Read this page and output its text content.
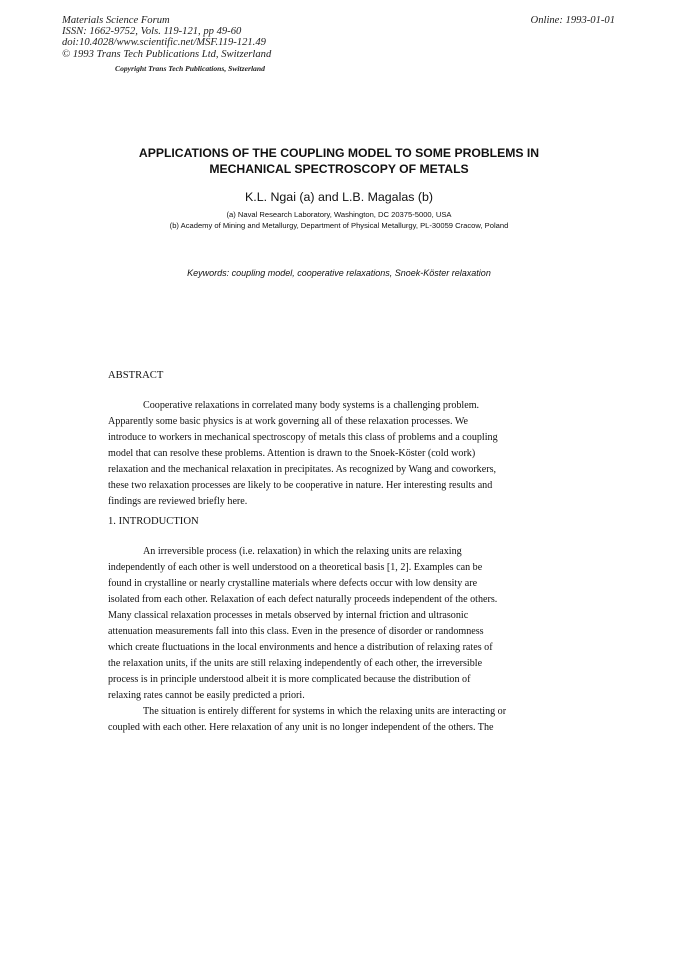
Materials Science Forum
ISSN: 1662-9752, Vols. 119-121, pp 49-60
doi:10.4028/www.scientific.net/MSF.119-121.49
© 1993 Trans Tech Publications Ltd, Switzerland
Online: 1993-01-01
Copyright Trans Tech Publications, Switzerland
APPLICATIONS OF THE COUPLING MODEL TO SOME PROBLEMS IN
MECHANICAL SPECTROSCOPY OF METALS
K.L. Ngai (a) and L.B. Magalas (b)
(a) Naval Research Laboratory, Washington, DC 20375-5000, USA
(b) Academy of Mining and Metallurgy, Department of Physical Metallurgy, PL-30059 Cracow, Poland
Keywords: coupling model, cooperative relaxations, Snoek-Köster relaxation
ABSTRACT
Cooperative relaxations in correlated many body systems is a challenging problem.
Apparently some basic physics is at work governing all of these relaxation processes. We
introduce to workers in mechanical spectroscopy of metals this class of problems and a coupling
model that can resolve these problems. Attention is drawn to the Snoek-Köster (cold work)
relaxation and the mechanical relaxation in precipitates. As recognized by Wang and coworkers,
these two relaxation processes are likely to be cooperative in nature. Her interesting results and
findings are reviewed briefly here.
1. INTRODUCTION
An irreversible process (i.e. relaxation) in which the relaxing units are relaxing
independently of each other is well understood on a theoretical basis [1, 2]. Examples can be
found in crystalline or nearly crystalline materials where defects occur with low density are
isolated from each other. Relaxation of each defect naturally proceeds independent of the others.
Many classical relaxation processes in metals observed by internal friction and ultrasonic
attenuation measurements fall into this class. Even in the presence of disorder or randomness
which create fluctuations in the local environments and hence a distribution of relaxing rates of
the relaxation units, if the units are still relaxing independently of each other, the irreversible
process is in principle understood albeit it is more complicated because the distribution of
relaxing rates cannot be easily predicted a priori.
The situation is entirely different for systems in which the relaxing units are interacting or
coupled with each other. Here relaxation of any unit is no longer independent of the others. The
